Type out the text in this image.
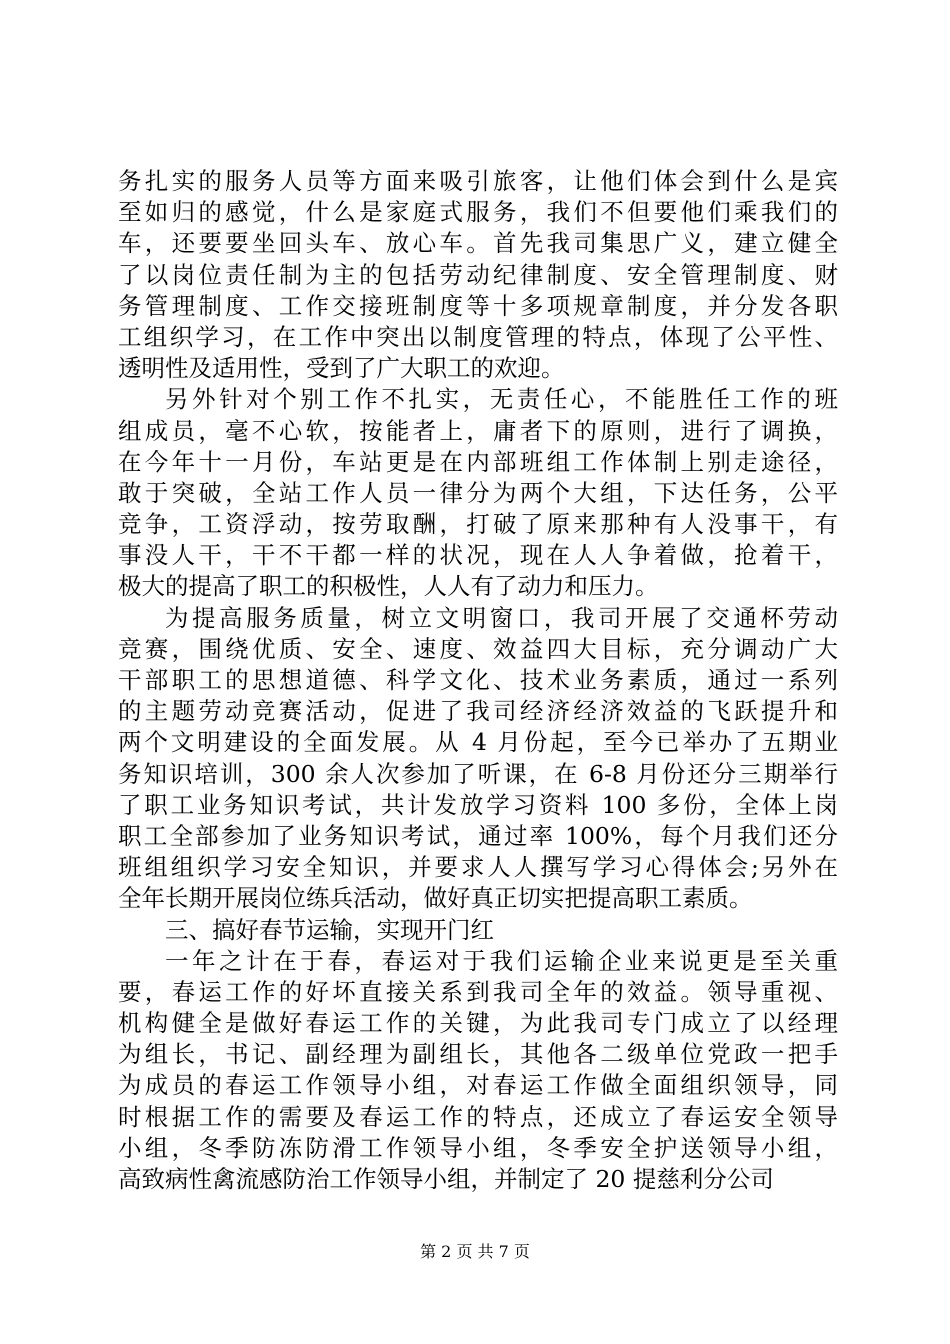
务扎实的服务人员等方面来吸引旅客，让他们体会到什么是宾
至如归的感觉，什么是家庭式服务，我们不但要他们乘我们的
车，还要要坐回头车、放心车。首先我司集思广义，建立健全
了以岗位责任制为主的包括劳动纪律制度、安全管理制度、财
务管理制度、工作交接班制度等十多项规章制度，并分发各职
工组织学习，在工作中突出以制度管理的特点，体现了公平性、
透明性及适用性，受到了广大职工的欢迎。
另外针对个别工作不扎实，无责任心，不能胜任工作的班
组成员，毫不心软，按能者上，庸者下的原则，进行了调换，
在今年十一月份，车站更是在内部班组工作体制上别走途径，
敢于突破，全站工作人员一律分为两个大组，下达任务，公平
竞争，工资浮动，按劳取酬，打破了原来那种有人没事干，有
事没人干，干不干都一样的状况，现在人人争着做，抢着干，
极大的提高了职工的积极性，人人有了动力和压力。
为提高服务质量，树立文明窗口，我司开展了交通杯劳动
竞赛，围绕优质、安全、速度、效益四大目标，充分调动广大
干部职工的思想道德、科学文化、技术业务素质，通过一系列
的主题劳动竞赛活动，促进了我司经济经济效益的飞跃提升和
两个文明建设的全面发展。从 4 月份起，至今已举办了五期业
务知识培训，300 余人次参加了听课，在 6-8 月份还分三期举行
了职工业务知识考试，共计发放学习资料 100 多份，全体上岗
职工全部参加了业务知识考试，通过率 100%，每个月我们还分
班组组织学习安全知识，并要求人人撰写学习心得体会;另外在
全年长期开展岗位练兵活动，做好真正切实把提高职工素质。
三、搞好春节运输，实现开门红
一年之计在于春，春运对于我们运输企业来说更是至关重
要，春运工作的好坏直接关系到我司全年的效益。领导重视、
机构健全是做好春运工作的关键，为此我司专门成立了以经理
为组长，书记、副经理为副组长，其他各二级单位党政一把手
为成员的春运工作领导小组，对春运工作做全面组织领导，同
时根据工作的需要及春运工作的特点，还成立了春运安全领导
小组，冬季防冻防滑工作领导小组，冬季安全护送领导小组，
高致病性禽流感防治工作领导小组，并制定了 20 提慈利分公司
第 2 页 共 7 页
